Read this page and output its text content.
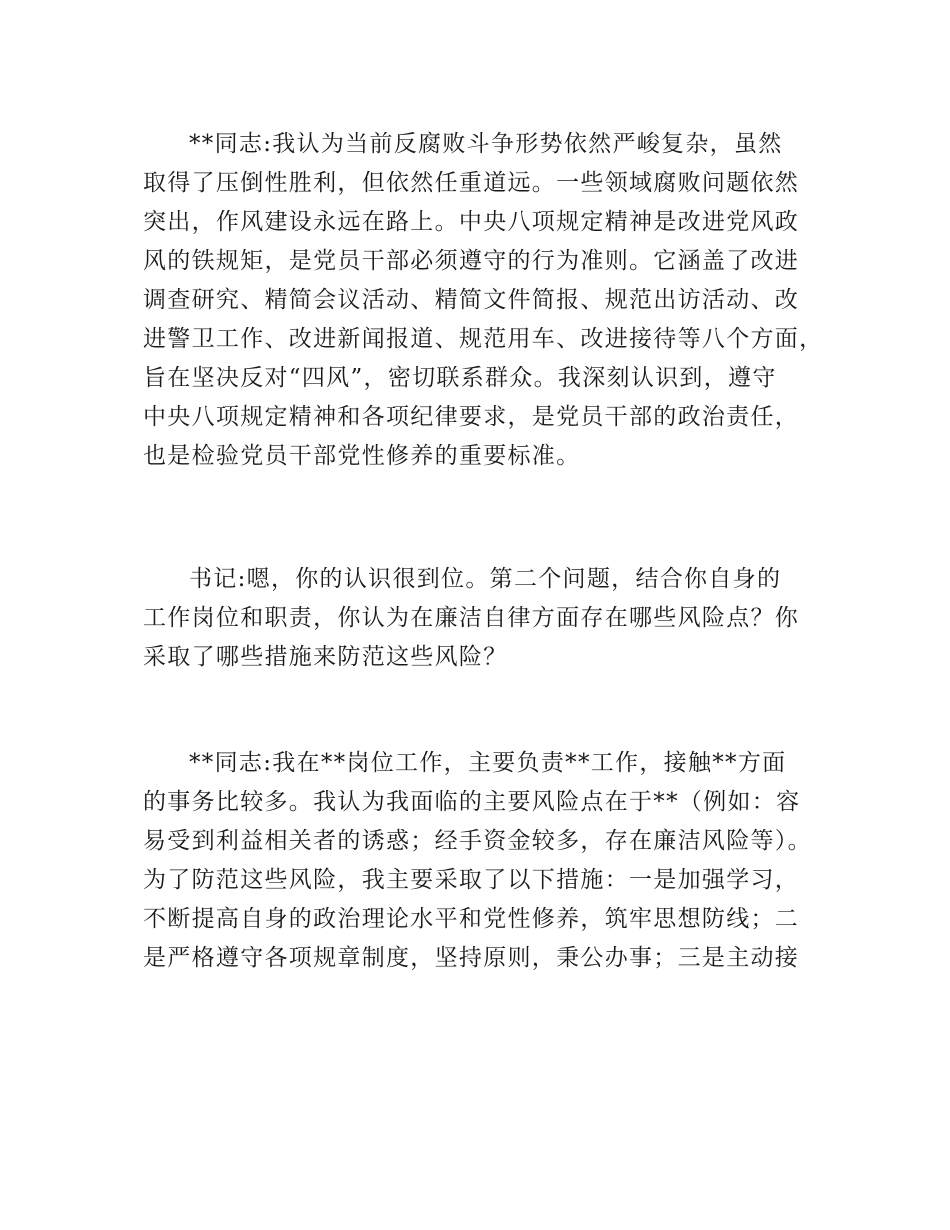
**同志:我认为当前反腐败斗争形势依然严峻复杂，虽然
取得了压倒性胜利，但依然任重道远。一些领域腐败问题依然
突出，作风建设永远在路上。中央八项规定精神是改进党风政
风的铁规矩，是党员干部必须遵守的行为准则。它涵盖了改进
调查研究、精简会议活动、精简文件简报、规范出访活动、改
进警卫工作、改进新闻报道、规范用车、改进接待等八个方面，
旨在坚决反对“四风”，密切联系群众。我深刻认识到，遵守
中央八项规定精神和各项纪律要求，是党员干部的政治责任，
也是检验党员干部党性修养的重要标准。

书记:嗯，你的认识很到位。第二个问题，结合你自身的
工作岗位和职责，你认为在廉洁自律方面存在哪些风险点？你
采取了哪些措施来防范这些风险？

**同志:我在**岗位工作，主要负责**工作，接触**方面
的事务比较多。我认为我面临的主要风险点在于**（例如：容
易受到利益相关者的诱惑；经手资金较多，存在廉洁风险等）。
为了防范这些风险，我主要采取了以下措施：一是加强学习，
不断提高自身的政治理论水平和党性修养，筑牢思想防线；二
是严格遵守各项规章制度，坚持原则，秉公办事；三是主动接
